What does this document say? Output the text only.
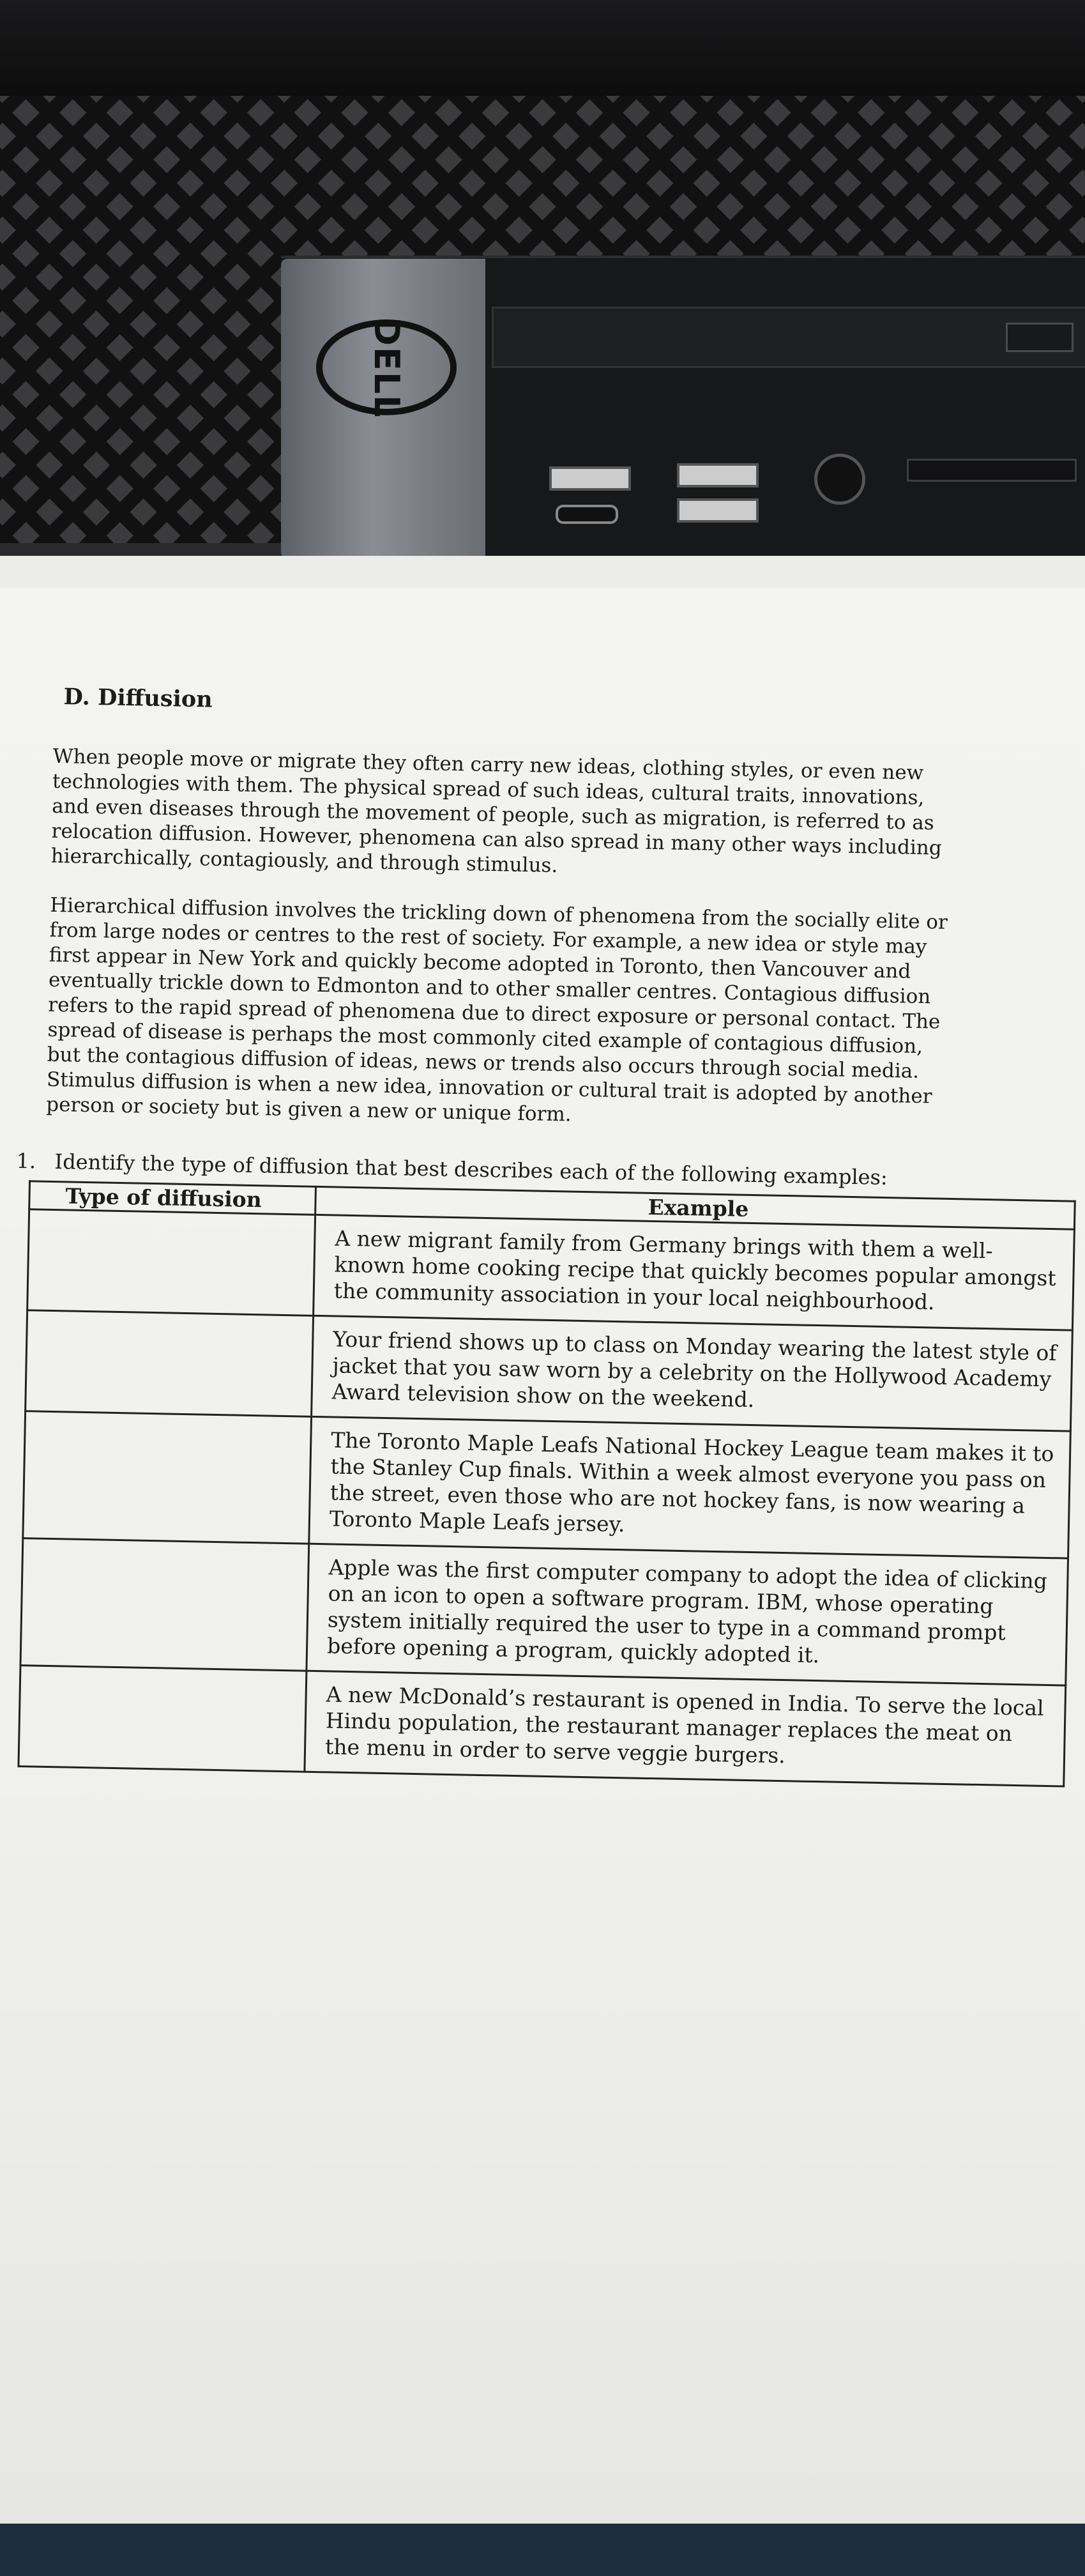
DELL
D. Diffusion

When people move or migrate they often carry new ideas, clothing styles, or even new technologies with them. The physical spread of such ideas, cultural traits, innovations, and even diseases through the movement of people, such as migration, is referred to as relocation diffusion. However, phenomena can also spread in many other ways including hierarchically, contagiously, and through stimulus.

Hierarchical diffusion involves the trickling down of phenomena from the socially elite or from large nodes or centres to the rest of society. For example, a new idea or style may first appear in New York and quickly become adopted in Toronto, then Vancouver and eventually trickle down to Edmonton and to other smaller centres. Contagious diffusion refers to the rapid spread of phenomena due to direct exposure or personal contact. The spread of disease is perhaps the most commonly cited example of contagious diffusion, but the contagious diffusion of ideas, news or trends also occurs through social media. Stimulus diffusion is when a new idea, innovation or cultural trait is adopted by another person or society but is given a new or unique form.

1. Identify the type of diffusion that best describes each of the following examples:
Type of diffusion	Example
	A new migrant family from Germany brings with them a well-known home cooking recipe that quickly becomes popular amongst the community association in your local neighbourhood.
	Your friend shows up to class on Monday wearing the latest style of jacket that you saw worn by a celebrity on the Hollywood Academy Award television show on the weekend.
	The Toronto Maple Leafs National Hockey League team makes it to the Stanley Cup finals. Within a week almost everyone you pass on the street, even those who are not hockey fans, is now wearing a Toronto Maple Leafs jersey.
	Apple was the first computer company to adopt the idea of clicking on an icon to open a software program. IBM, whose operating system initially required the user to type in a command prompt before opening a program, quickly adopted it.
	A new McDonald’s restaurant is opened in India. To serve the local Hindu population, the restaurant manager replaces the meat on the menu in order to serve veggie burgers.
